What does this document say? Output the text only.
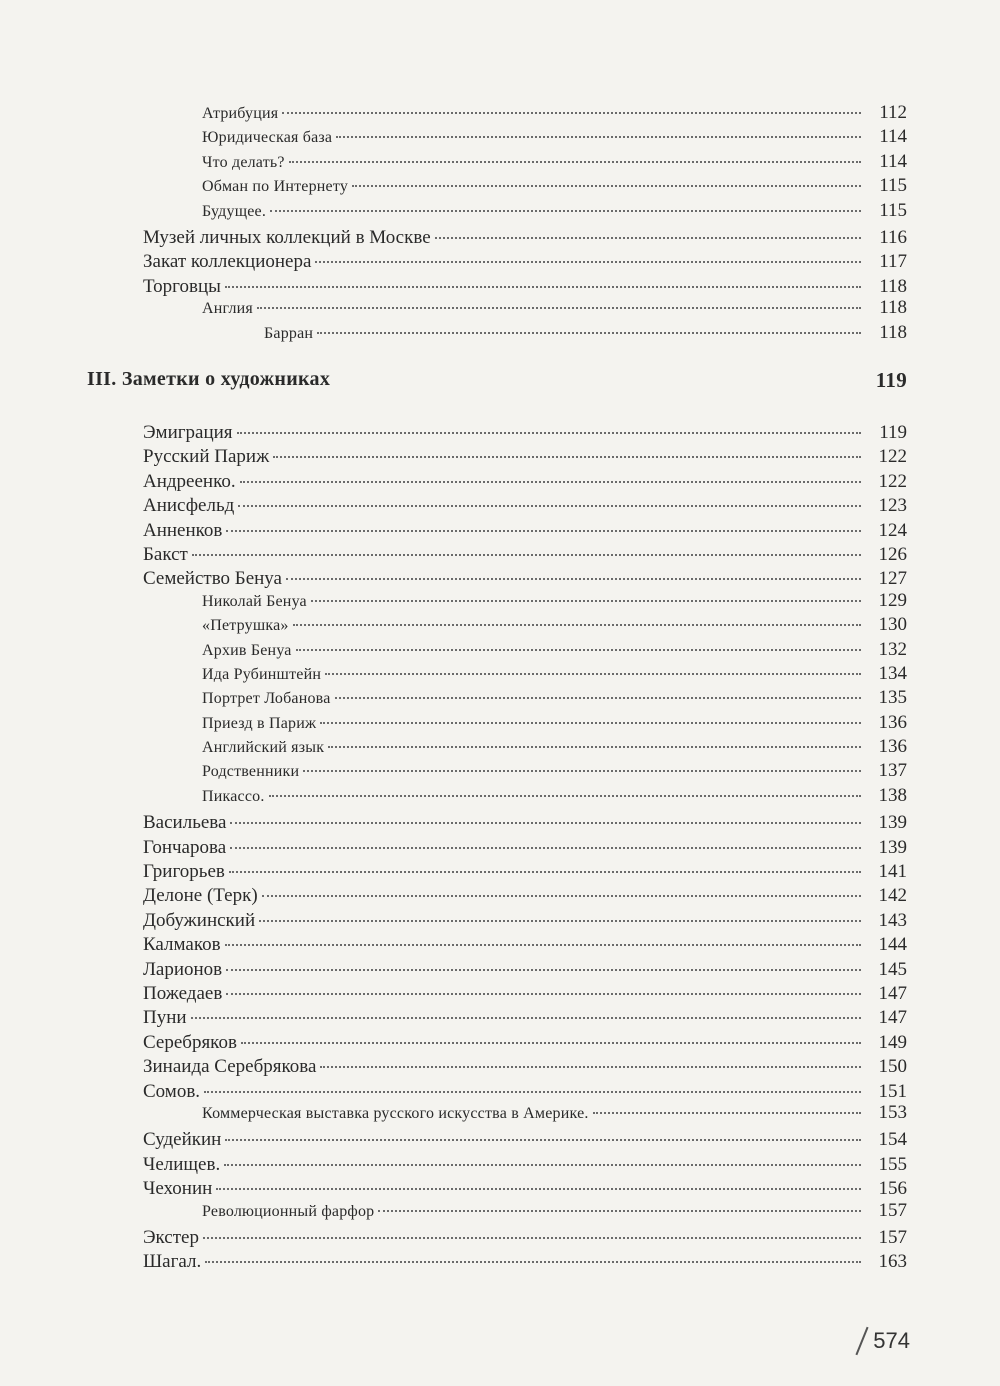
Атрибуция	112
Юридическая база	114
Что делать?	114
Обман по Интернету	115
Будущее.	115
Музей личных коллекций в Москве	116
Закат коллекционера	117
Торговцы	118
Англия	118
Барран	118
III. Заметки о художниках	119
Эмиграция	119
Русский Париж	122
Андреенко.	122
Анисфельд	123
Анненков	124
Бакст	126
Семейство Бенуа	127
Николай Бенуа	129
«Петрушка»	130
Архив Бенуа	132
Ида Рубинштейн	134
Портрет Лобанова	135
Приезд в Париж	136
Английский язык	136
Родственники	137
Пикассо.	138
Васильева	139
Гончарова	139
Григорьев	141
Делоне (Терк)	142
Добужинский	143
Калмаков	144
Ларионов	145
Пожедаев	147
Пуни	147
Серебряков	149
Зинаида Серебрякова	150
Сомов.	151
Коммерческая выставка русского искусства в Америке.	153
Судейкин	154
Челищев.	155
Чехонин	156
Революционный фарфор	157
Экстер	157
Шагал.	163
574
